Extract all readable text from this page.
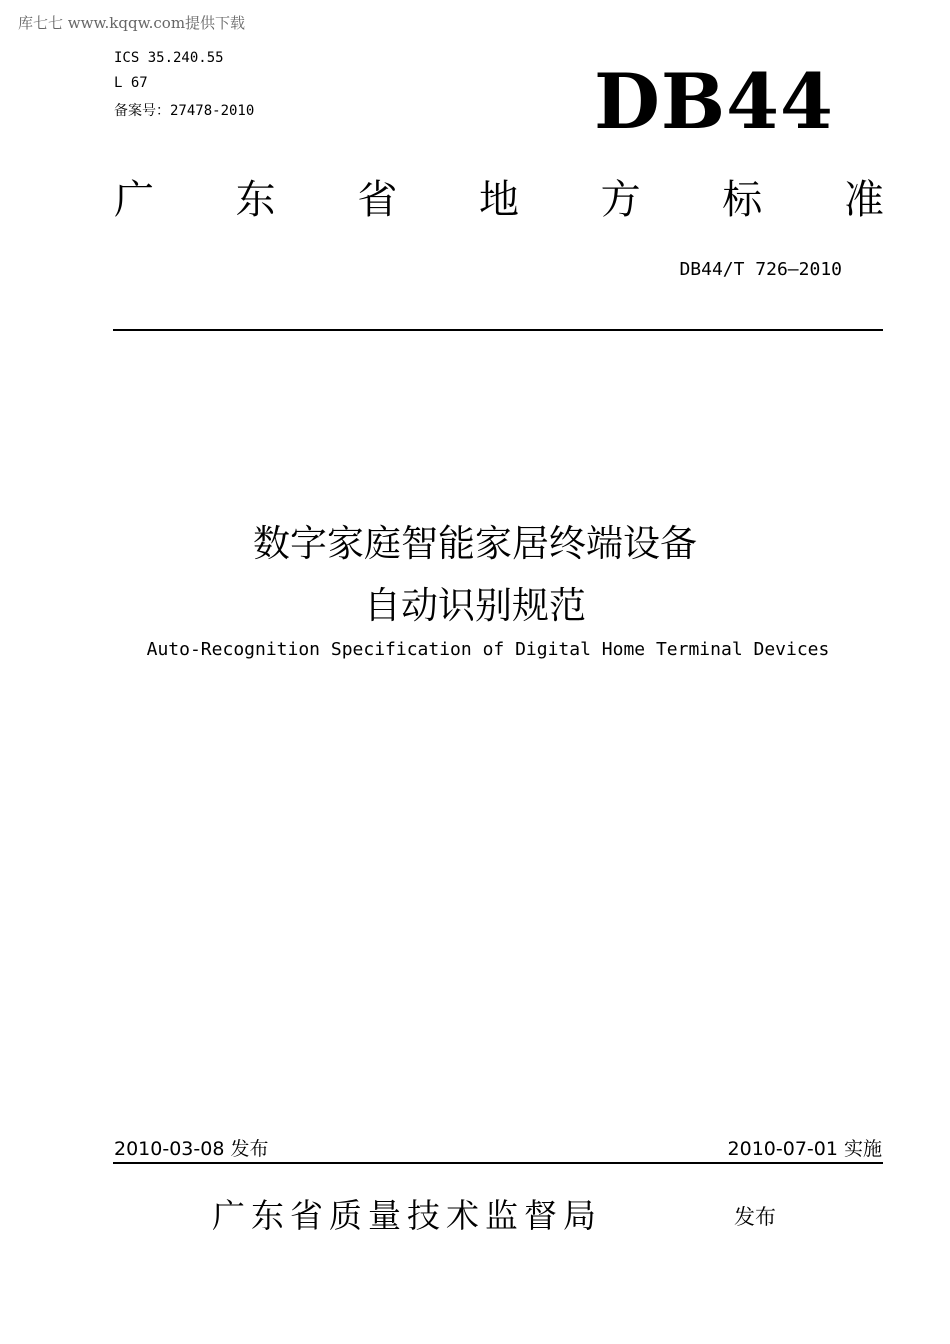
库七七 www.kqqw.com提供下载
ICS 35.240.55
L 67
备案号：27478-2010	DB44
广 东 省 地 方 标 准
DB44/T 726—2010
数字家庭智能家居终端设备
自动识别规范
Auto-Recognition Specification of Digital Home Terminal Devices
2010-03-08 发布	2010-07-01 实施
广东省质量技术监督局	发布
